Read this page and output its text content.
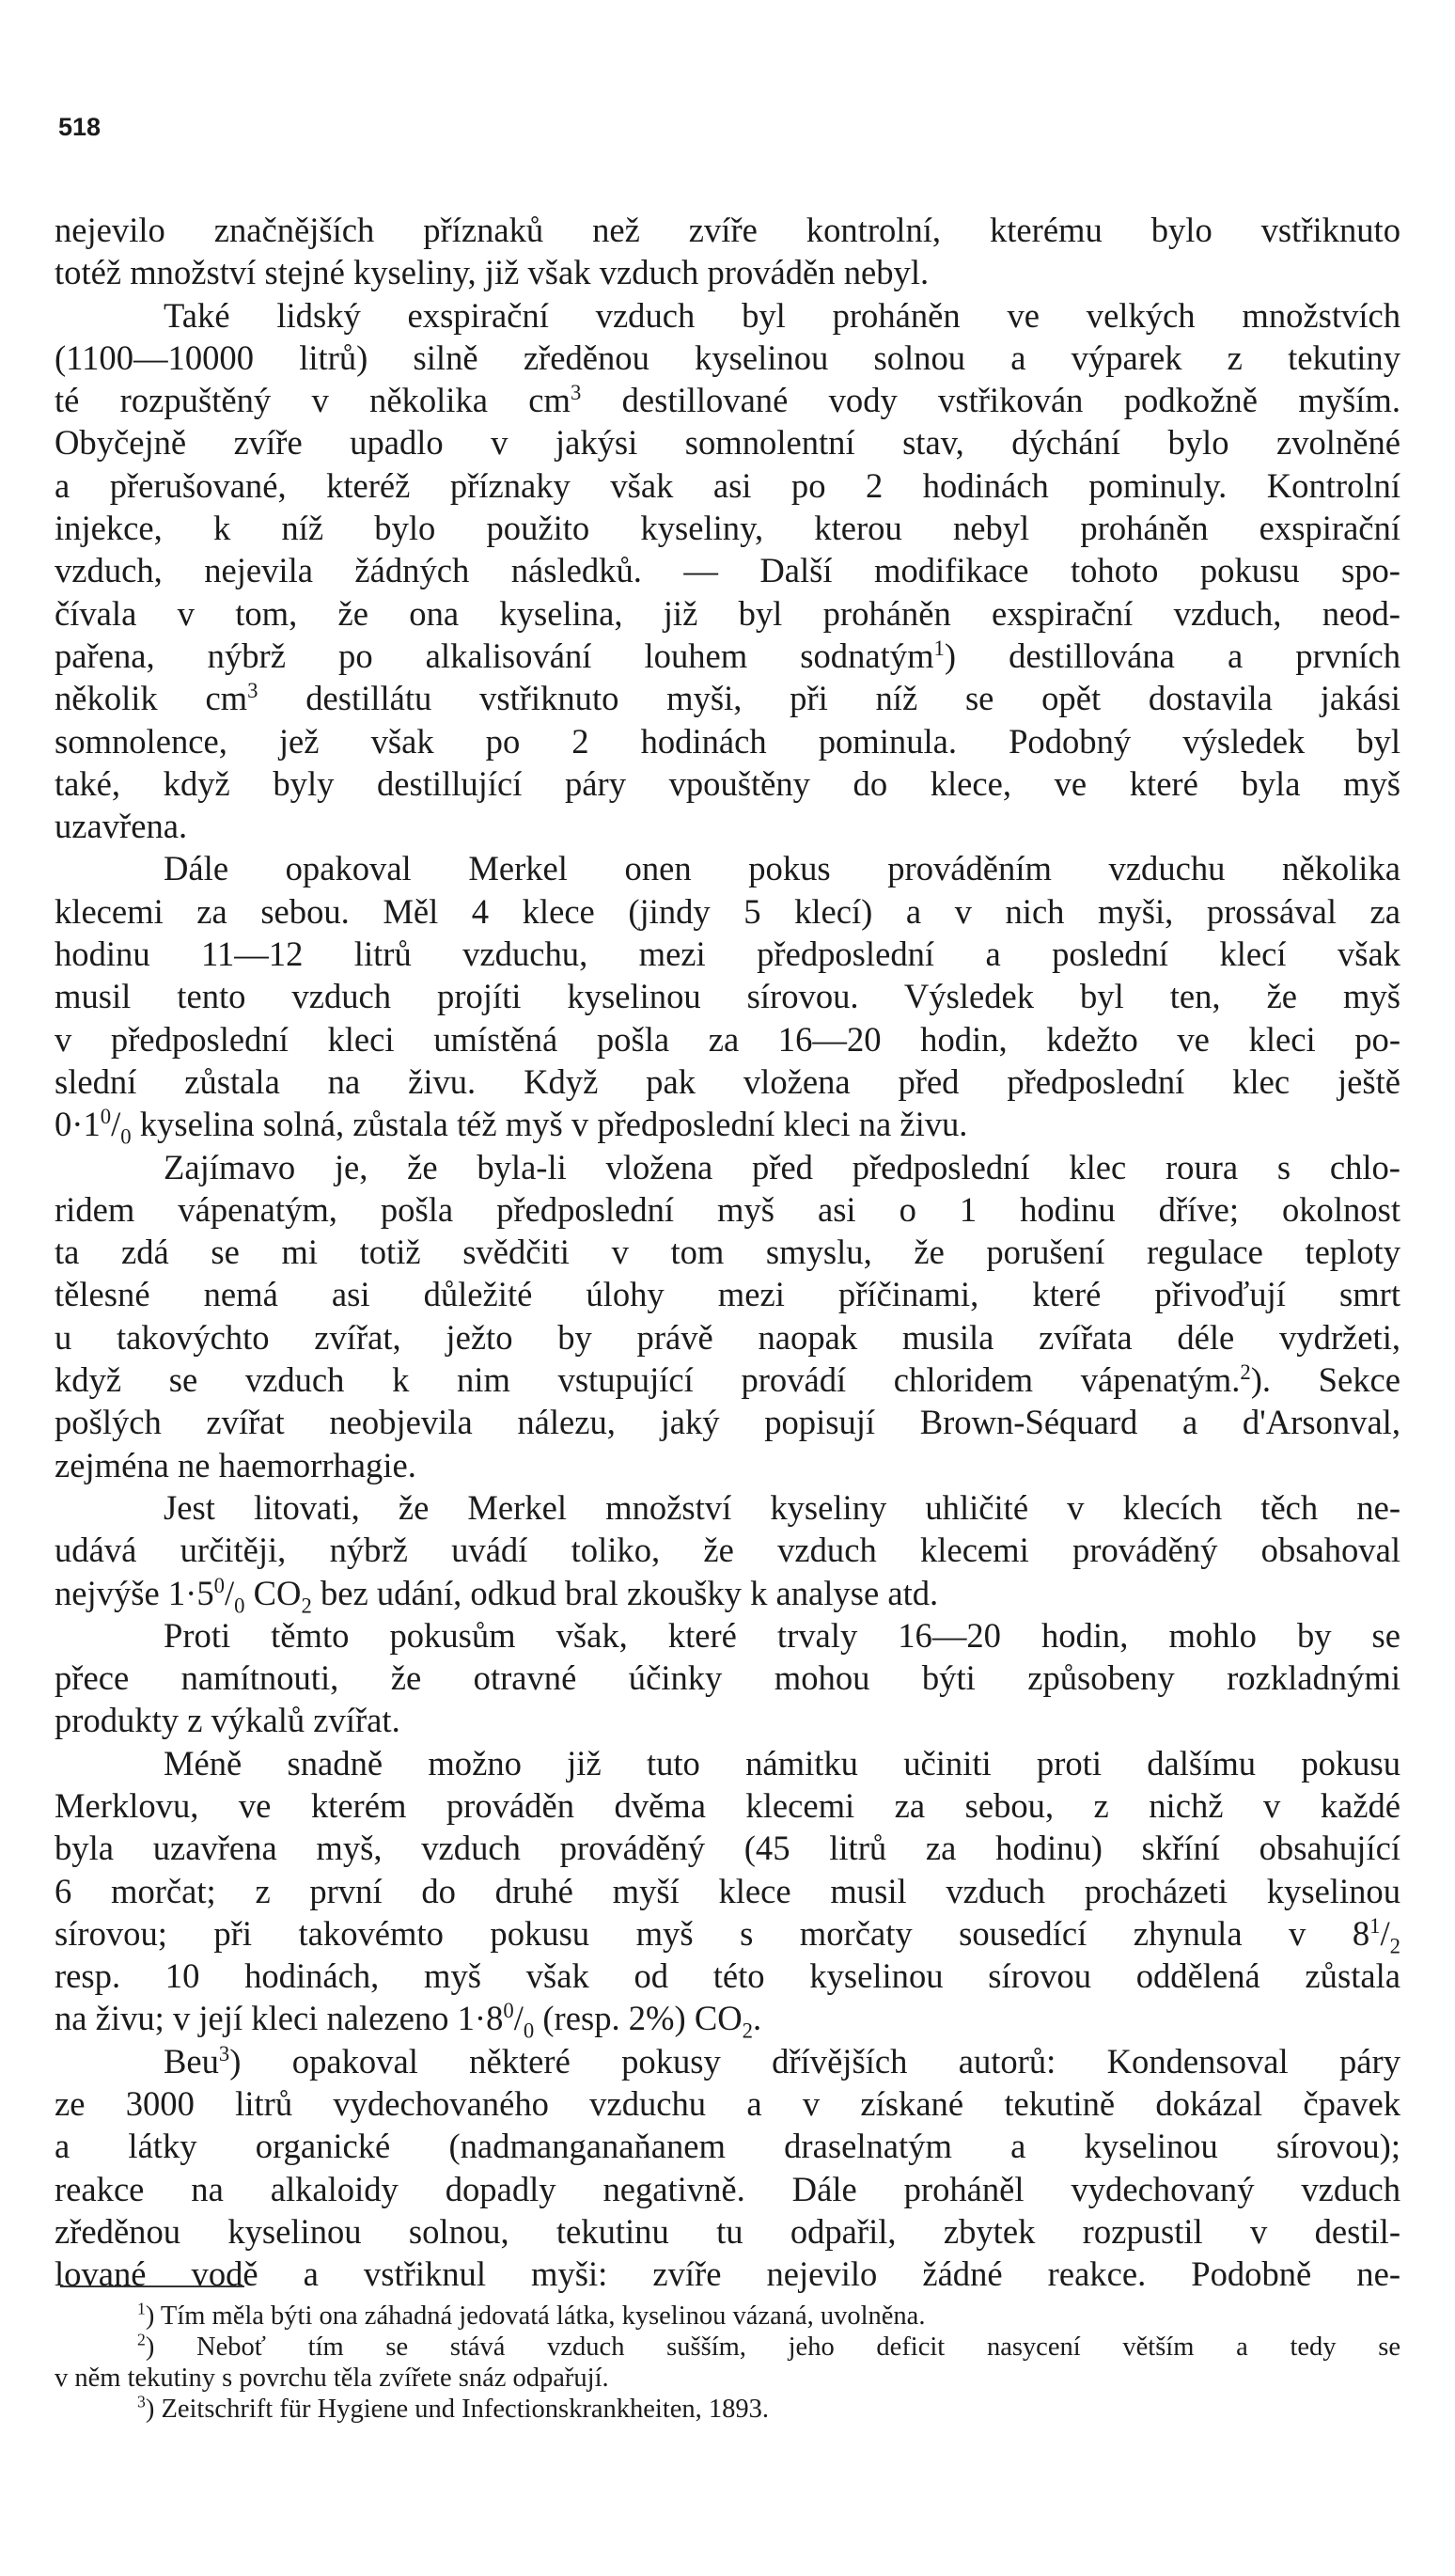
518
nejevilo značnějších příznaků než zvíře kontrolní, kterému bylo vstřiknuto
totéž množství stejné kyseliny, již však vzduch prováděn nebyl.
Také lidský exspirační vzduch byl proháněn ve velkých množstvích
(1100—10000 litrů) silně zředěnou kyselinou solnou a výparek z tekutiny
té rozpuštěný v několika $cm^3$ destillované vody vstřikován podkožně myším.
Obyčejně zvíře upadlo v jakýsi somnolentní stav, dýchání bylo zvolněné
a přerušované, kteréž příznaky však asi po 2 hodinách pominuly. Kontrolní
injekce, k níž bylo použito kyseliny, kterou nebyl proháněn exspirační
vzduch, nejevila žádných následků. — Další modifikace tohoto pokusu spo-
čívala v tom, že ona kyselina, již byl proháněn exspirační vzduch, neod-
pařena, nýbrž po alkalisování louhem sodnatým$^1$) destillována a prvních
několik $cm^3$ destillátu vstřiknuto myši, při níž se opět dostavila jakási
somnolence, jež však po 2 hodinách pominula. Podobný výsledek byl
také, když byly destillující páry vpouštěny do klece, ve které byla myš
uzavřena.
Dále opakoval Merkel onen pokus prováděním vzduchu několika
klecemi za sebou. Měl 4 klece (jindy 5 klecí) a v nich myši, prossával za
hodinu 11—12 litrů vzduchu, mezi předposlední a poslední klecí však
musil tento vzduch projíti kyselinou sírovou. Výsledek byl ten, že myš
v předposlední kleci umístěná pošla za 16—20 hodin, kdežto ve kleci po-
slední zůstala na živu. Když pak vložena před předposlední klec ještě
$0\cdot 1^0/_0$ kyselina solná, zůstala též myš v předposlední kleci na živu.
Zajímavo je, že byla-li vložena před předposlední klec roura s chlo-
ridem vápenatým, pošla předposlední myš asi o 1 hodinu dříve; okolnost
ta zdá se mi totiž svědčiti v tom smyslu, že porušení regulace teploty
tělesné nemá asi důležité úlohy mezi příčinami, které přivoďují smrt
u takovýchto zvířat, ježto by právě naopak musila zvířata déle vydržeti,
když se vzduch k nim vstupující provádí chloridem vápenatým.$^2$). Sekce
pošlých zvířat neobjevila nálezu, jaký popisují Brown-Séquard a d'Arsonval,
zejména ne haemorrhagie.
Jest litovati, že Merkel množství kyseliny uhličité v klecích těch ne-
udává určitěji, nýbrž uvádí toliko, že vzduch klecemi prováděný obsahoval
nejvýše $1\cdot 5^0/_0$ $CO_2$ bez udání, odkud bral zkoušky k analyse atd.
Proti těmto pokusům však, které trvaly 16—20 hodin, mohlo by se
přece namítnouti, že otravné účinky mohou býti způsobeny rozkladnými
produkty z výkalů zvířat.
Méně snadně možno již tuto námitku učiniti proti dalšímu pokusu
Merklovu, ve kterém prováděn dvěma klecemi za sebou, z nichž v každé
byla uzavřena myš, vzduch prováděný (45 litrů za hodinu) skříní obsahující
6 morčat; z první do druhé myší klece musil vzduch procházeti kyselinou
sírovou; při takovémto pokusu myš s morčaty sousedící zhynula v $8^1/_2$
resp. 10 hodinách, myš však od této kyselinou sírovou oddělená zůstala
na živu; v její kleci nalezeno $1\cdot 8^0/_0$ (resp. 2%) $CO_2$.
Beu$^3$) opakoval některé pokusy dřívějších autorů: Kondensoval páry
ze 3000 litrů vydechovaného vzduchu a v získané tekutině dokázal čpavek
a látky organické (nadmanganaňanem draselnatým a kyselinou sírovou);
reakce na alkaloidy dopadly negativně. Dále proháněl vydechovaný vzduch
zředěnou kyselinou solnou, tekutinu tu odpařil, zbytek rozpustil v destil-
lované vodě a vstřiknul myši: zvíře nejevilo žádné reakce. Podobně ne-
$^1$) Tím měla býti ona záhadná jedovatá látka, kyselinou vázaná, uvolněna.
$^2$) Neboť tím se stává vzduch sušším, jeho deficit nasycení větším a tedy se
v něm tekutiny s povrchu těla zvířete snáz odpařují.
$^3$) Zeitschrift für Hygiene und Infectionskrankheiten, 1893.
